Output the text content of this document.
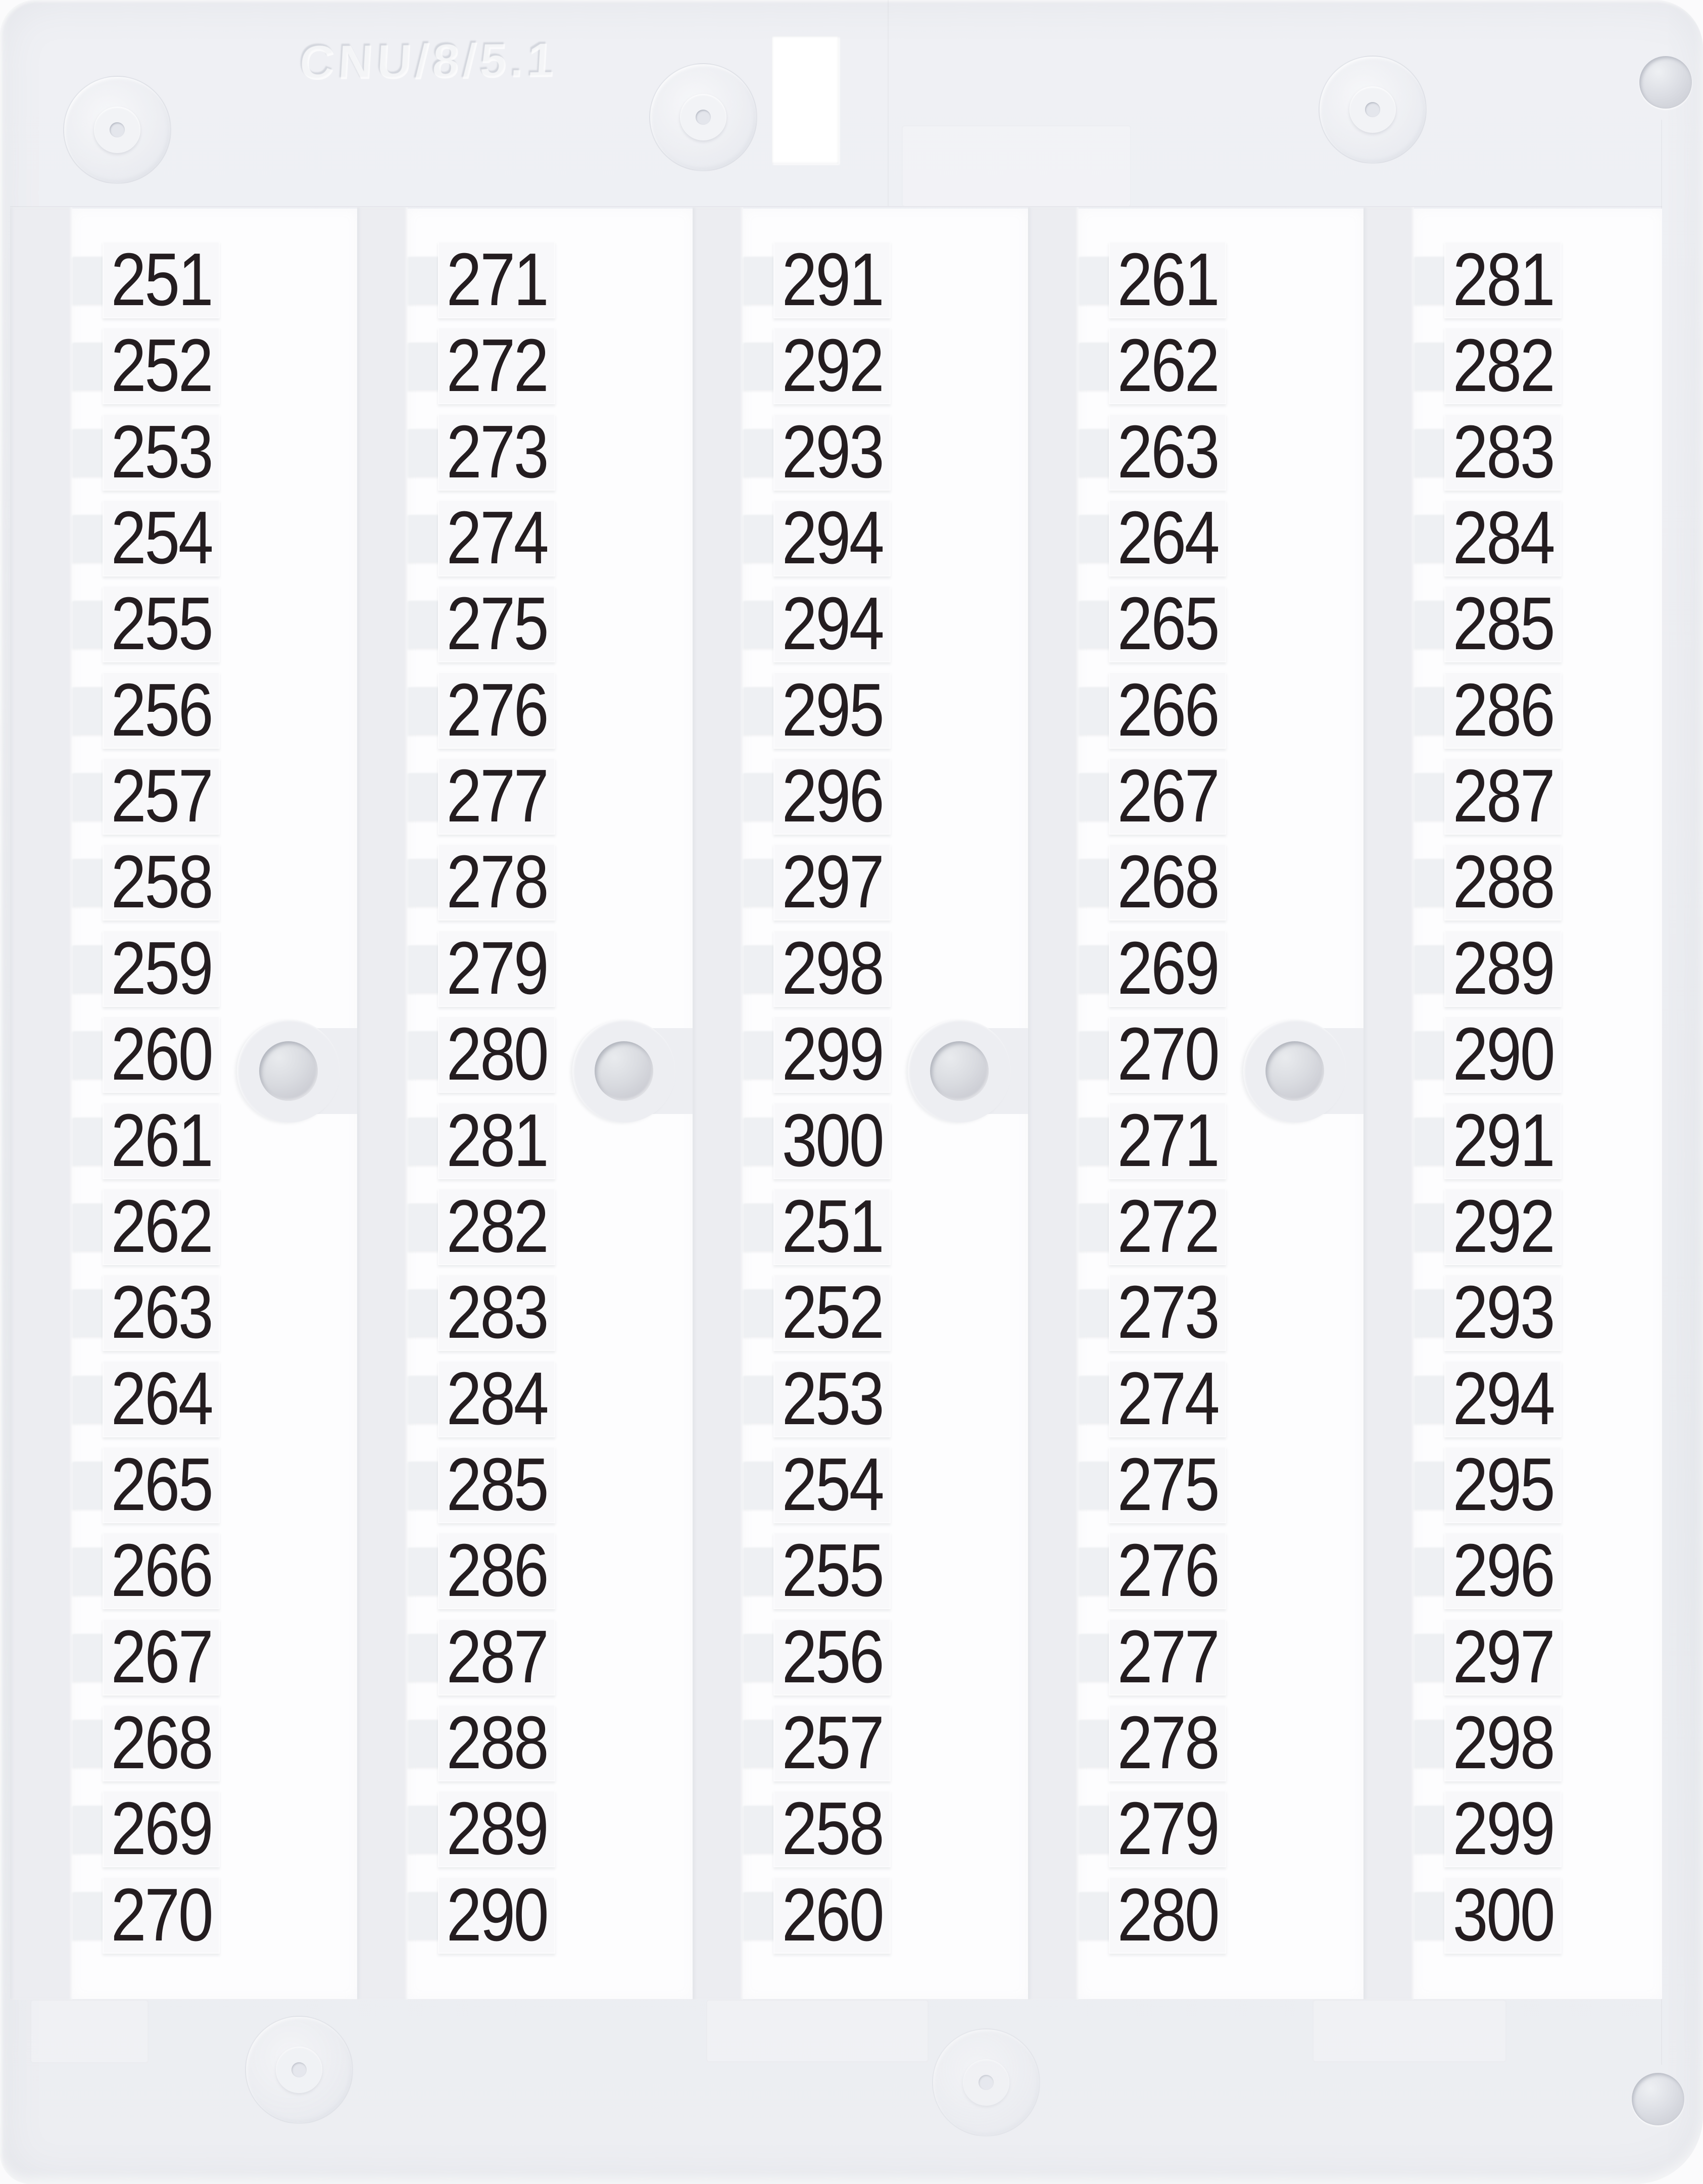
CNU/8/5.1
251
252
253
254
255
256
257
258
259
260
261
262
263
264
265
266
267
268
269
270
271
272
273
274
275
276
277
278
279
280
281
282
283
284
285
286
287
288
289
290
291
292
293
294
294
295
296
297
298
299
300
251
252
253
254
255
256
257
258
260
261
262
263
264
265
266
267
268
269
270
271
272
273
274
275
276
277
278
279
280
281
282
283
284
285
286
287
288
289
290
291
292
293
294
295
296
297
298
299
300
